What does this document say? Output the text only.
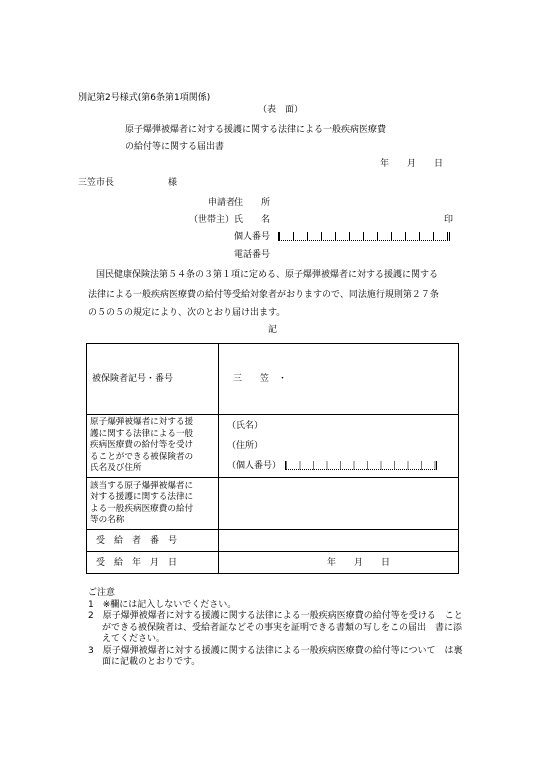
別記第2号様式(第6条第1項関係)
（表　面）
原子爆弾被爆者に対する援護に関する法律による一般疾病医療費
の給付等に関する届出書
年　　月　　日
三笠市長	様
申請者
住　　所
（世帯主） 氏　　名	印
個人番号
電話番号
国民健康保険法第５４条の３第１項に定める、原子爆弾被爆者に対する援護に関する
法律による一般疾病医療費の給付等受給対象者がおりますので、同法施行規則第２７条
の５の５の規定により、次のとおり届け出ます。
記
被保険者記号・番号	三　　笠　・

原子爆弾被爆者に対する援
護に関する法律による一般
疾病医療費の給付等を受け
ることができる被保険者の
氏名及び住所	（氏名）
（住所）
（個人番号）

該当する原子爆弾被爆者に
対する援護に関する法律に
よる一般疾病医療費の給付
等の名称	

受　給　者　番　号	

受　給　年　月　日	年　　月　　日
ご注意
1　※欄には記入しないでください。
2　原子爆弾被爆者に対する援護に関する法律による一般疾病医療費の給付等を受ける　ことができる被保険者は、受給者証などその事実を証明できる書類の写しをこの届出　書に添えてください。
3　原子爆弾被爆者に対する援護に関する法律による一般疾病医療費の給付等について　は裏面に記載のとおりです。
